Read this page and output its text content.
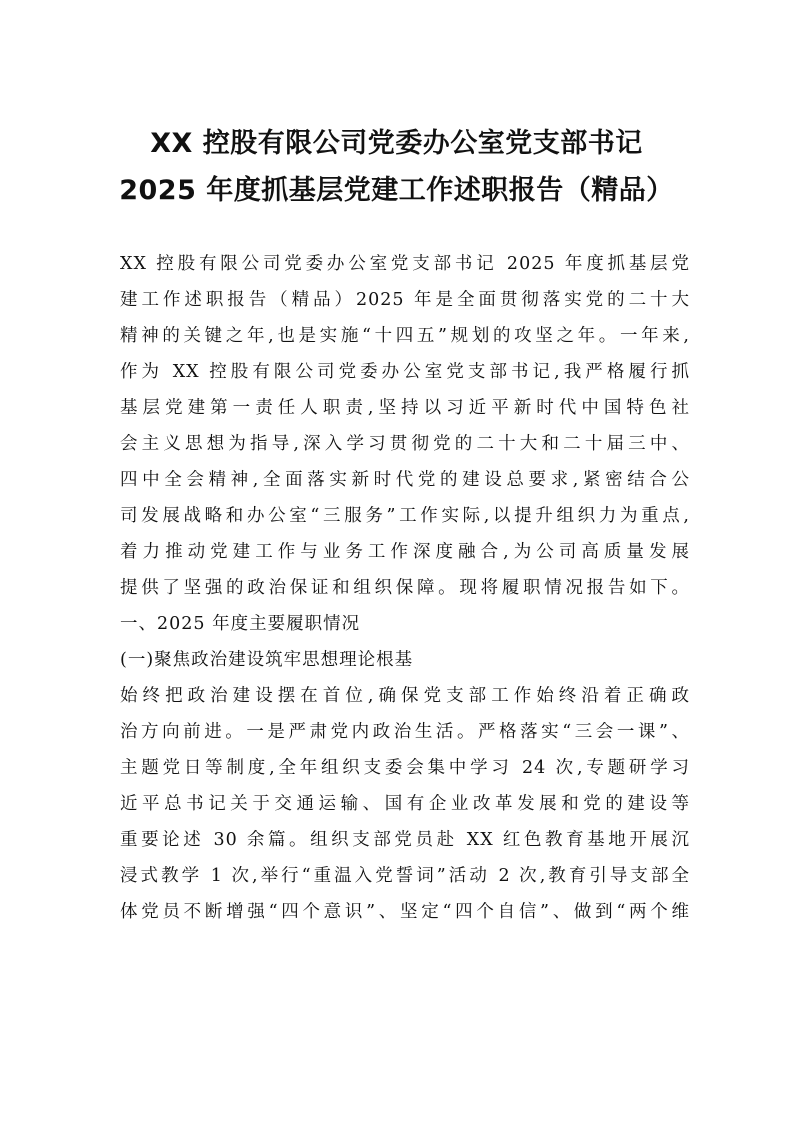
XX 控股有限公司党委办公室党支部书记
2025 年度抓基层党建工作述职报告（精品）
XX 控股有限公司党委办公室党支部书记 2025 年度抓基层党
建工作述职报告（精品）2025 年是全面贯彻落实党的二十大
精神的关键之年,也是实施“十四五”规划的攻坚之年。一年来,
作为 XX 控股有限公司党委办公室党支部书记,我严格履行抓
基层党建第一责任人职责,坚持以习近平新时代中国特色社
会主义思想为指导,深入学习贯彻党的二十大和二十届三中、
四中全会精神,全面落实新时代党的建设总要求,紧密结合公
司发展战略和办公室“三服务”工作实际,以提升组织力为重点,
着力推动党建工作与业务工作深度融合,为公司高质量发展
提供了坚强的政治保证和组织保障。现将履职情况报告如下。
一、2025 年度主要履职情况
(一)聚焦政治建设筑牢思想理论根基
始终把政治建设摆在首位,确保党支部工作始终沿着正确政
治方向前进。一是严肃党内政治生活。严格落实“三会一课”、
主题党日等制度,全年组织支委会集中学习 24 次,专题研学习
近平总书记关于交通运输、国有企业改革发展和党的建设等
重要论述 30 余篇。组织支部党员赴 XX 红色教育基地开展沉
浸式教学 1 次,举行“重温入党誓词”活动 2 次,教育引导支部全
体党员不断增强“四个意识”、坚定“四个自信”、做到“两个维
